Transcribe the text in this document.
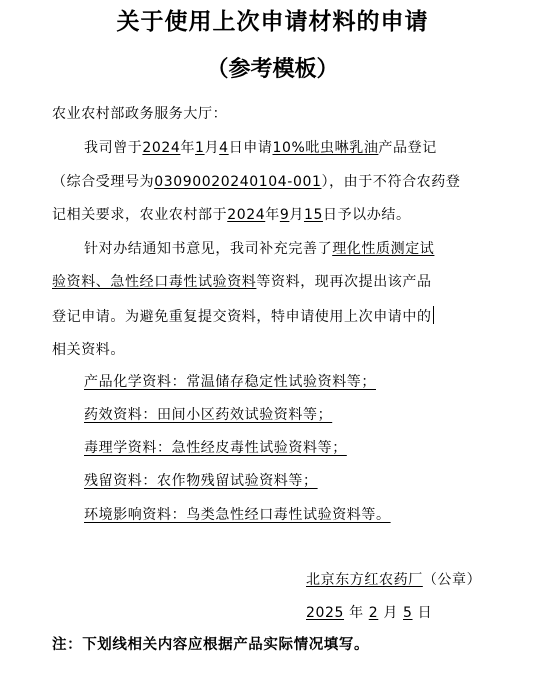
关于使用上次申请材料的申请
（参考模板）
农业农村部政务服务大厅：
我司曾于2024年1月4日申请10%吡虫啉乳油产品登记
（综合受理号为03090020240104-001），由于不符合农药登
记相关要求，农业农村部于2024年9月15日予以办结。
针对办结通知书意见，我司补充完善了理化性质测定试
验资料、急性经口毒性试验资料等资料，现再次提出该产品
登记申请。为避免重复提交资料，特申请使用上次申请中的
相关资料。
产品化学资料：常温储存稳定性试验资料等；
药效资料：田间小区药效试验资料等；
毒理学资料：急性经皮毒性试验资料等；
残留资料：农作物残留试验资料等；
环境影响资料：鸟类急性经口毒性试验资料等。
北京东方红农药厂（公章）
2025 年 2 月 5 日
注：下划线相关内容应根据产品实际情况填写。
